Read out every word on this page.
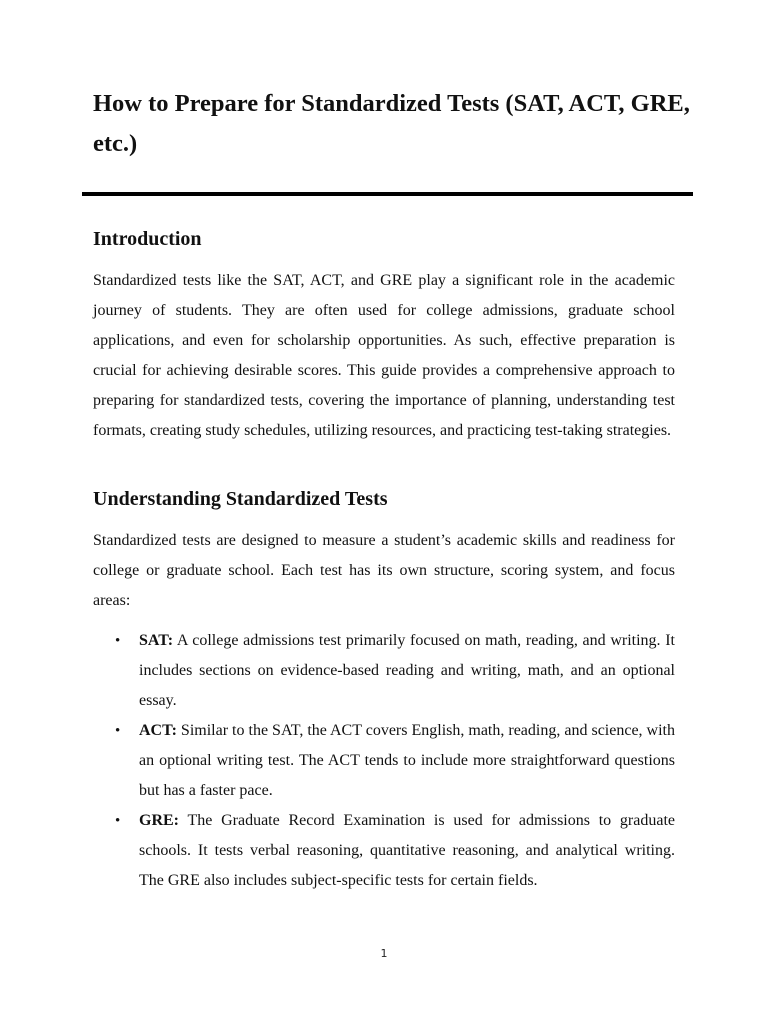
How to Prepare for Standardized Tests (SAT, ACT, GRE, etc.)
Introduction

Standardized tests like the SAT, ACT, and GRE play a significant role in the academic journey of students. They are often used for college admissions, graduate school applications, and even for scholarship opportunities. As such, effective preparation is crucial for achieving desirable scores. This guide provides a comprehensive approach to preparing for standardized tests, covering the importance of planning, understanding test formats, creating study schedules, utilizing resources, and practicing test-taking strategies.

Understanding Standardized Tests

Standardized tests are designed to measure a student’s academic skills and readiness for college or graduate school. Each test has its own structure, scoring system, and focus areas:

• SAT: A college admissions test primarily focused on math, reading, and writing. It includes sections on evidence-based reading and writing, math, and an optional essay.
• ACT: Similar to the SAT, the ACT covers English, math, reading, and science, with an optional writing test. The ACT tends to include more straightforward questions but has a faster pace.
• GRE: The Graduate Record Examination is used for admissions to graduate schools. It tests verbal reasoning, quantitative reasoning, and analytical writing. The GRE also includes subject-specific tests for certain fields.
1
